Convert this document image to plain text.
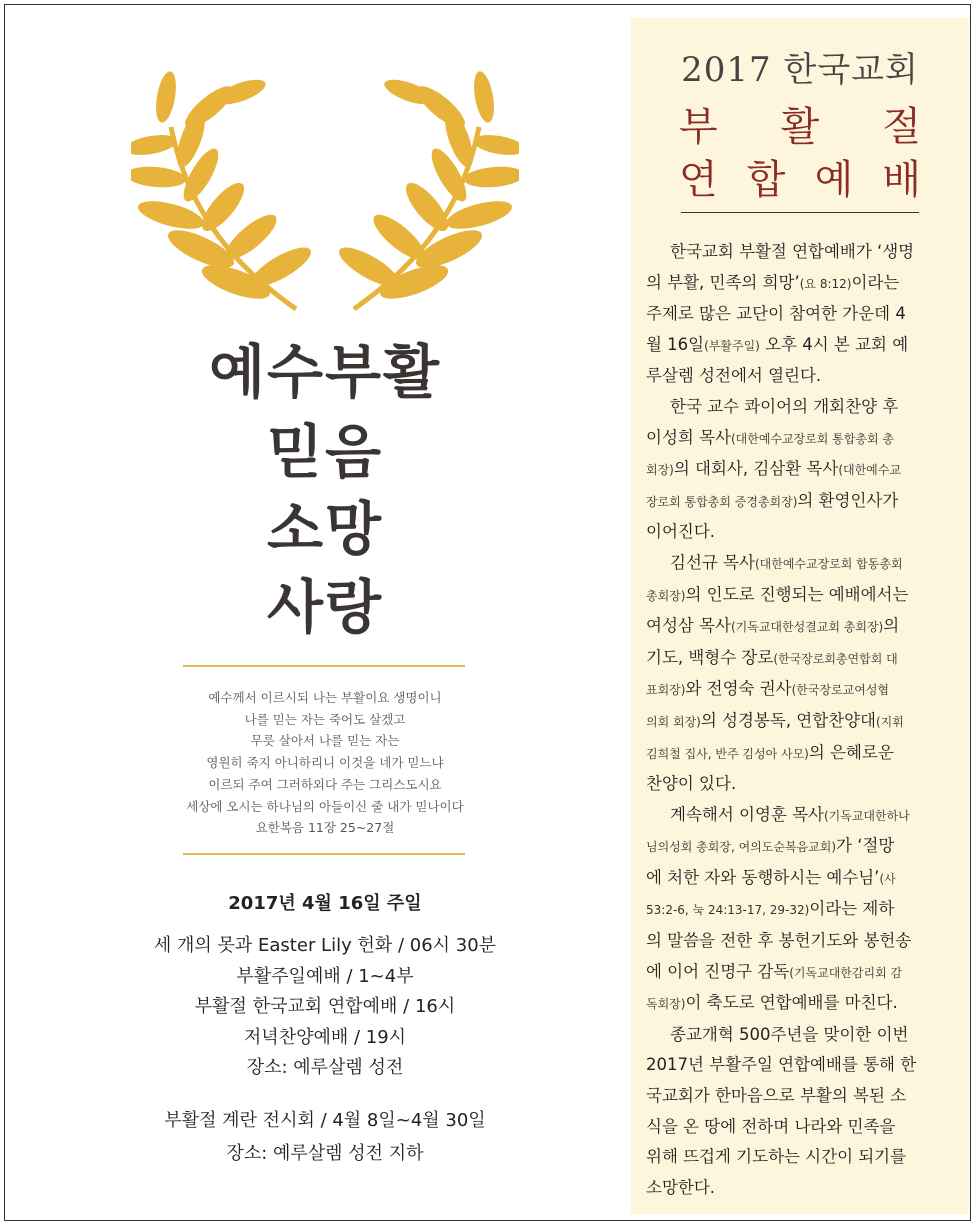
예수부활
믿음
소망
사랑
예수께서 이르시되 나는 부활이요 생명이니
나를 믿는 자는 죽어도 살겠고
무릇 살아서 나를 믿는 자는
영원히 죽지 아니하리니 이것을 네가 믿느냐
이르되 주여 그러하외다 주는 그리스도시요
세상에 오시는 하나님의 아들이신 줄 내가 믿나이다
요한복음 11장 25~27절
2017년 4월 16일 주일
세 개의 못과 Easter Lily 헌화 / 06시 30분
부활주일예배 / 1~4부
부활절 한국교회 연합예배 / 16시
저녁찬양예배 / 19시
장소: 예루살렘 성전
부활절 계란 전시회 / 4월 8일~4월 30일
장소: 예루살렘 성전 지하
2017 한국교회
부 활 절
연 합 예 배
한국교회 부활절 연합예배가 ‘생명
의 부활, 민족의 희망’(요 8:12)이라는
주제로 많은 교단이 참여한 가운데 4
월 16일(부활주일) 오후 4시 본 교회 예
루살렘 성전에서 열린다.
한국 교수 콰이어의 개회찬양 후
이성희 목사(대한예수교장로회 통합총회 총
회장)의 대회사, 김삼환 목사(대한예수교
장로회 통합총회 증경총회장)의 환영인사가
이어진다.
김선규 목사(대한예수교장로회 합동총회
총회장)의 인도로 진행되는 예배에서는
여성삼 목사(기독교대한성결교회 총회장)의
기도, 백형수 장로(한국장로회총연합회 대
표회장)와 전영숙 권사(한국장로교여성협
의회 회장)의 성경봉독, 연합찬양대(지휘
김희철 집사, 반주 김성아 사모)의 은혜로운
찬양이 있다.
계속해서 이영훈 목사(기독교대한하나
님의성회 총회장, 여의도순복음교회)가 ‘절망
에 처한 자와 동행하시는 예수님’(사
53:2-6, 눅 24:13-17, 29-32)이라는 제하
의 말씀을 전한 후 봉헌기도와 봉헌송
에 이어 진명구 감독(기독교대한감리회 감
독회장)이 축도로 연합예배를 마친다.
종교개혁 500주년을 맞이한 이번
2017년 부활주일 연합예배를 통해 한
국교회가 한마음으로 부활의 복된 소
식을 온 땅에 전하며 나라와 민족을
위해 뜨겁게 기도하는 시간이 되기를
소망한다.
